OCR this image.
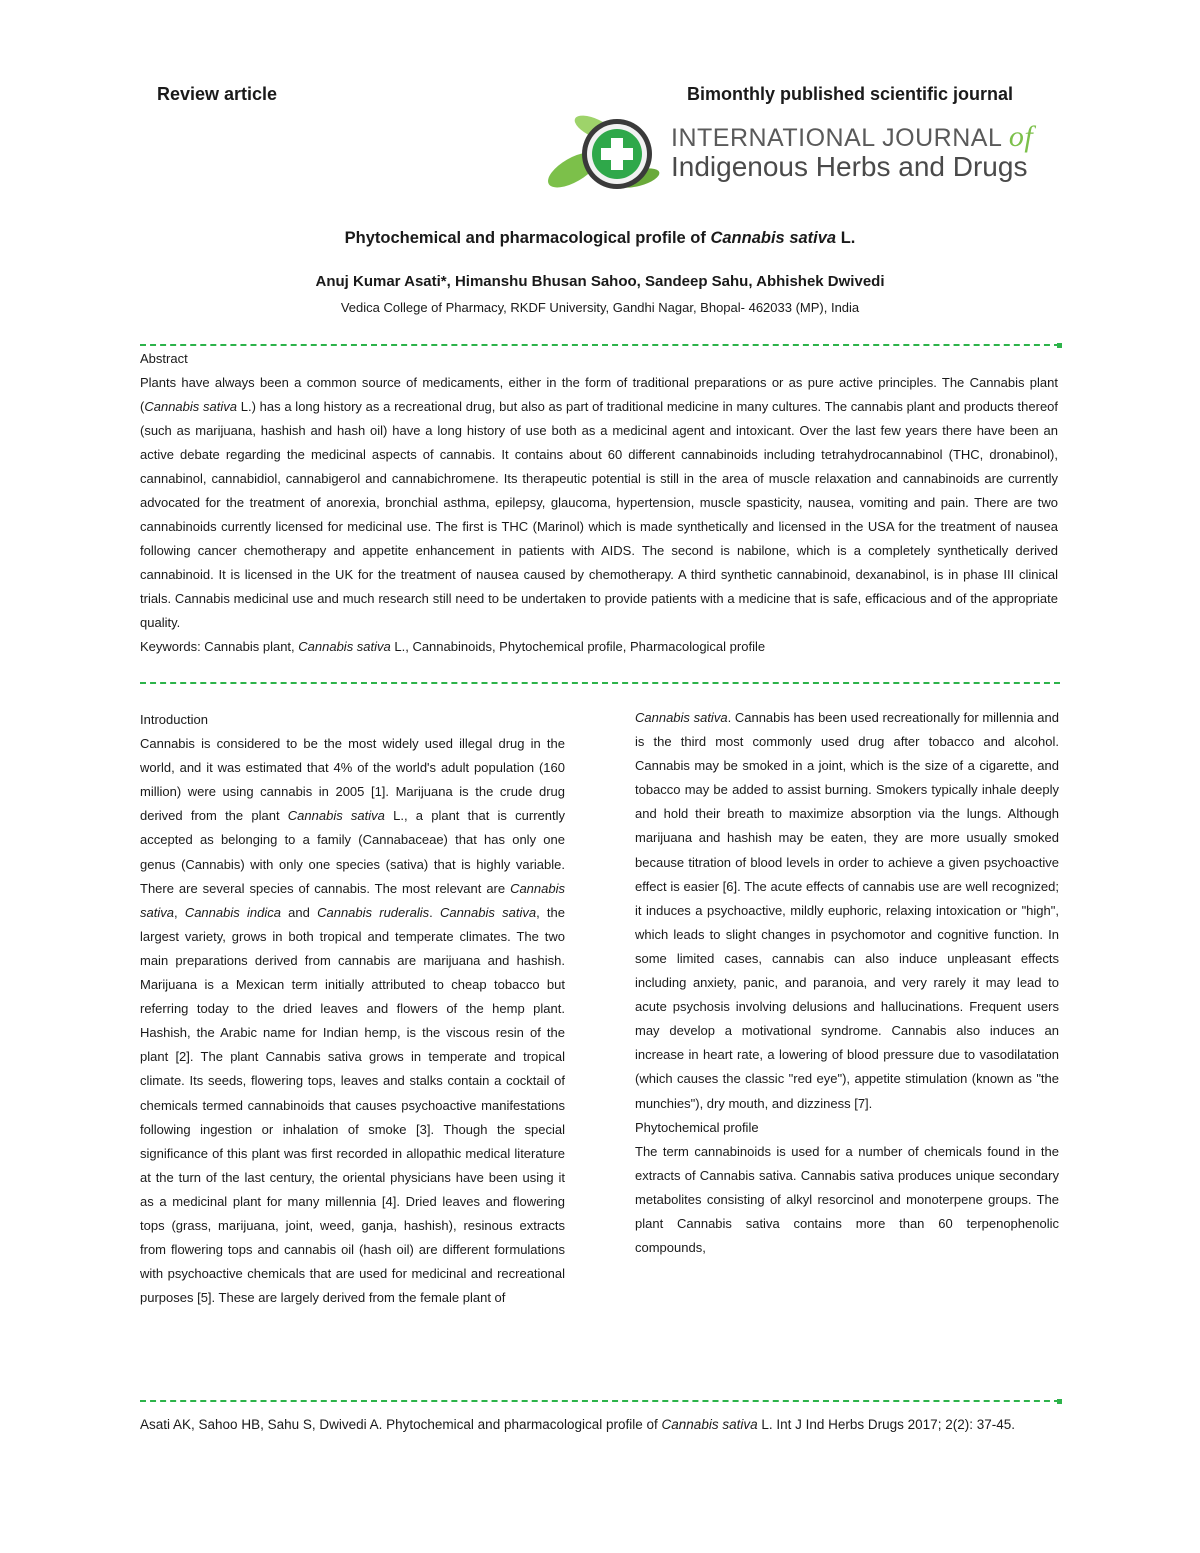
Review article	Bimonthly published scientific journal
INTERNATIONAL JOURNAL of
Indigenous Herbs and Drugs
Phytochemical and pharmacological profile of Cannabis sativa L.
Anuj Kumar Asati*, Himanshu Bhusan Sahoo, Sandeep Sahu, Abhishek Dwivedi
Vedica College of Pharmacy, RKDF University, Gandhi Nagar, Bhopal- 462033 (MP), India
Abstract
Plants have always been a common source of medicaments, either in the form of traditional preparations or as pure active principles. The Cannabis plant (Cannabis sativa L.) has a long history as a recreational drug, but also as part of traditional medicine in many cultures. The cannabis plant and products thereof (such as marijuana, hashish and hash oil) have a long history of use both as a medicinal agent and intoxicant. Over the last few years there have been an active debate regarding the medicinal aspects of cannabis. It contains about 60 different cannabinoids including tetrahydrocannabinol (THC, dronabinol), cannabinol, cannabidiol, cannabigerol and cannabichromene. Its therapeutic potential is still in the area of muscle relaxation and cannabinoids are currently advocated for the treatment of anorexia, bronchial asthma, epilepsy, glaucoma, hypertension, muscle spasticity, nausea, vomiting and pain. There are two cannabinoids currently licensed for medicinal use. The first is THC (Marinol) which is made synthetically and licensed in the USA for the treatment of nausea following cancer chemotherapy and appetite enhancement in patients with AIDS. The second is nabilone, which is a completely synthetically derived cannabinoid. It is licensed in the UK for the treatment of nausea caused by chemotherapy. A third synthetic cannabinoid, dexanabinol, is in phase III clinical trials. Cannabis medicinal use and much research still need to be undertaken to provide patients with a medicine that is safe, efficacious and of the appropriate quality.
Keywords: Cannabis plant, Cannabis sativa L., Cannabinoids, Phytochemical profile, Pharmacological profile

Introduction

Cannabis is considered to be the most widely used illegal drug in the world, and it was estimated that 4% of the world's adult population (160 million) were using cannabis in 2005 [1]. Marijuana is the crude drug derived from the plant Cannabis sativa L., a plant that is currently accepted as belonging to a family (Cannabaceae) that has only one genus (Cannabis) with only one species (sativa) that is highly variable. There are several species of cannabis. The most relevant are Cannabis sativa, Cannabis indica and Cannabis ruderalis. Cannabis sativa, the largest variety, grows in both tropical and temperate climates. The two main preparations derived from cannabis are marijuana and hashish. Marijuana is a Mexican term initially attributed to cheap tobacco but referring today to the dried leaves and flowers of the hemp plant. Hashish, the Arabic name for Indian hemp, is the viscous resin of the plant [2]. The plant Cannabis sativa grows in temperate and tropical climate. Its seeds, flowering tops, leaves and stalks contain a cocktail of chemicals termed cannabinoids that causes psychoactive manifestations following ingestion or inhalation of smoke [3]. Though the special significance of this plant was first recorded in allopathic medical literature at the turn of the last century, the oriental physicians have been using it as a medicinal plant for many millennia [4]. Dried leaves and flowering tops (grass, marijuana, joint, weed, ganja, hashish), resinous extracts from flowering tops and cannabis oil (hash oil) are different formulations with psychoactive chemicals that are used for medicinal and recreational purposes [5]. These are largely derived from the female plant of

Cannabis sativa. Cannabis has been used recreationally for millennia and is the third most commonly used drug after tobacco and alcohol. Cannabis may be smoked in a joint, which is the size of a cigarette, and tobacco may be added to assist burning. Smokers typically inhale deeply and hold their breath to maximize absorption via the lungs. Although marijuana and hashish may be eaten, they are more usually smoked because titration of blood levels in order to achieve a given psychoactive effect is easier [6]. The acute effects of cannabis use are well recognized; it induces a psychoactive, mildly euphoric, relaxing intoxication or "high", which leads to slight changes in psychomotor and cognitive function. In some limited cases, cannabis can also induce unpleasant effects including anxiety, panic, and paranoia, and very rarely it may lead to acute psychosis involving delusions and hallucinations. Frequent users may develop a motivational syndrome. Cannabis also induces an increase in heart rate, a lowering of blood pressure due to vasodilatation (which causes the classic "red eye"), appetite stimulation (known as "the munchies"), dry mouth, and dizziness [7].

Phytochemical profile

The term cannabinoids is used for a number of chemicals found in the extracts of Cannabis sativa. Cannabis sativa produces unique secondary metabolites consisting of alkyl resorcinol and monoterpene groups. The plant Cannabis sativa contains more than 60 terpenophenolic compounds,

Asati AK, Sahoo HB, Sahu S, Dwivedi A. Phytochemical and pharmacological profile of Cannabis sativa L. Int J Ind Herbs Drugs 2017; 2(2): 37-45.
